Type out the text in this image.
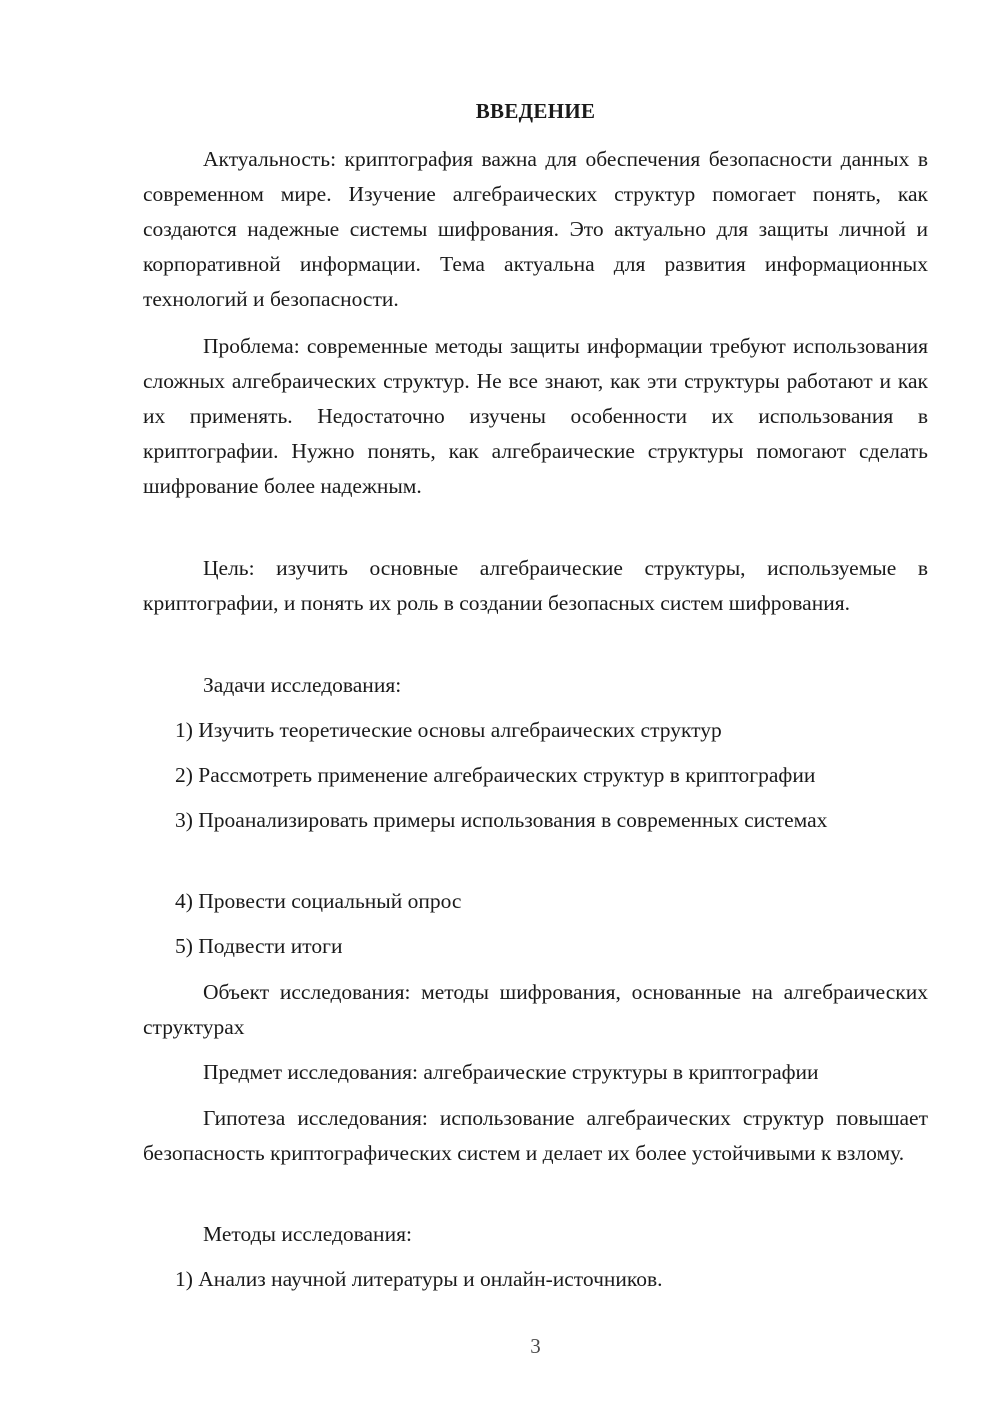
ВВЕДЕНИЕ

Актуальность: криптография важна для обеспечения безопасности данных в современном мире. Изучение алгебраических структур помогает понять, как создаются надежные системы шифрования. Это актуально для защиты личной и корпоративной информации. Тема актуальна для развития информационных технологий и безопасности.

Проблема: современные методы защиты информации требуют использования сложных алгебраических структур. Не все знают, как эти структуры работают и как их применять. Недостаточно изучены особенности их использования в криптографии. Нужно понять, как алгебраические структуры помогают сделать шифрование более надежным.

Цель: изучить основные алгебраические структуры, используемые в криптографии, и понять их роль в создании безопасных систем шифрования.

Задачи исследования:

1) Изучить теоретические основы алгебраических структур

2) Рассмотреть применение алгебраических структур в криптографии

3) Проанализировать примеры использования в современных системах

4) Провести социальный опрос

5) Подвести итоги

Объект исследования: методы шифрования, основанные на алгебраических структурах

Предмет исследования: алгебраические структуры в криптографии

Гипотеза исследования: использование алгебраических структур повышает безопасность криптографических систем и делает их более устойчивыми к взлому.

Методы исследования:

1) Анализ научной литературы и онлайн-источников.

3
